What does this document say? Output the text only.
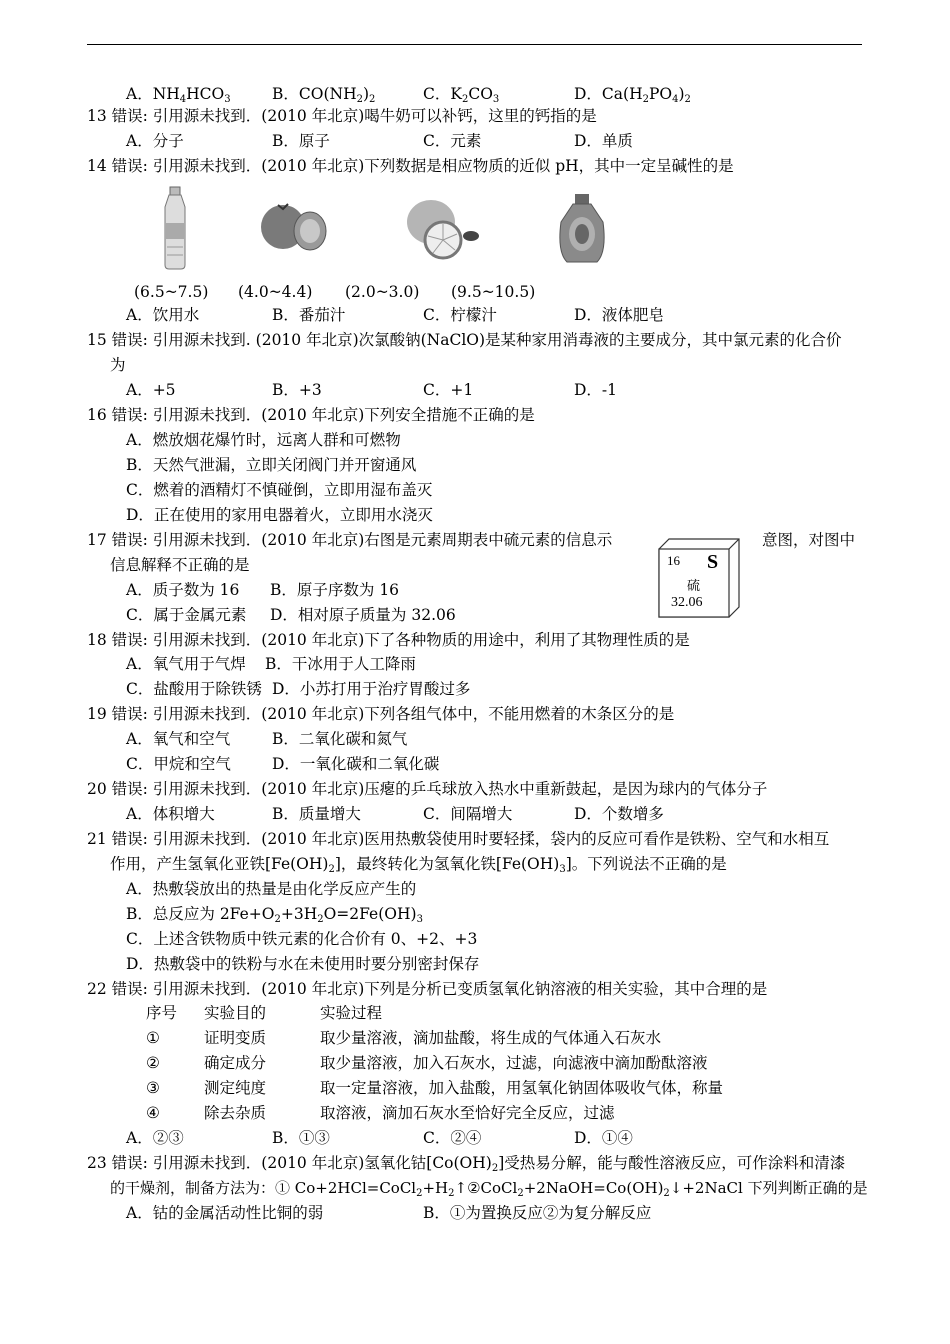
A．$NH_4HCO_3$	B．$CO(NH_2)_2$	C．$K_2CO_3$	D．$Ca(H_2PO_4)_2$
13 错误: 引用源未找到．(2010 年北京)喝牛奶可以补钙，这里的钙指的是
A．分子	B．原子	C．元素	D．单质
14 错误: 引用源未找到．(2010 年北京)下列数据是相应物质的近似 pH，其中一定呈碱性的是
(6.5~7.5) (4.0~4.4) (2.0~3.0) (9.5~10.5)
A．饮用水	B．番茄汁	C．柠檬汁	D．液体肥皂
15 错误: 引用源未找到. (2010 年北京)次氯酸钠(NaClO)是某种家用消毒液的主要成分，其中氯元素的化合价
为
A．+5	B．+3	C．+1	D．-1
16 错误: 引用源未找到．(2010 年北京)下列安全措施不正确的是
A．燃放烟花爆竹时，远离人群和可燃物
B．天然气泄漏，立即关闭阀门并开窗通风
C．燃着的酒精灯不慎碰倒，立即用湿布盖灭
D．正在使用的家用电器着火，立即用水浇灭
17 错误: 引用源未找到．(2010 年北京)右图是元素周期表中硫元素的信息示	意图，对图中
信息解释不正确的是
A．质子数为 16 B．原子序数为 16
C．属于金属元素 D．相对原子质量为 32.06
16 S
硫
32.06
18 错误: 引用源未找到．(2010 年北京)下了各种物质的用途中，利用了其物理性质的是
A．氧气用于气焊 B．干冰用于人工降雨
C．盐酸用于除铁锈 D．小苏打用于治疗胃酸过多
19 错误: 引用源未找到．(2010 年北京)下列各组气体中，不能用燃着的木条区分的是
A．氧气和空气	B．二氧化碳和氮气
C．甲烷和空气	D．一氧化碳和二氧化碳
20 错误: 引用源未找到．(2010 年北京)压瘪的乒乓球放入热水中重新鼓起，是因为球内的气体分子
A．体积增大	B．质量增大	C．间隔增大	D．个数增多
21 错误: 引用源未找到．(2010 年北京)医用热敷袋使用时要轻揉，袋内的反应可看作是铁粉、空气和水相互
作用，产生氢氧化亚铁$[Fe(OH)_2]$，最终转化为氢氧化铁$[Fe(OH)_3]$。下列说法不正确的是
A．热敷袋放出的热量是由化学反应产生的
B．总反应为 $2Fe+O_2+3H_2O=2Fe(OH)_3$
C．上述含铁物质中铁元素的化合价有 0、+2、+3
D．热敷袋中的铁粉与水在未使用时要分别密封保存
22 错误: 引用源未找到．(2010 年北京)下列是分析已变质氢氧化钠溶液的相关实验，其中合理的是
序号 实验目的	实验过程
①	证明变质	取少量溶液，滴加盐酸，将生成的气体通入石灰水
②	确定成分	取少量溶液，加入石灰水，过滤，向滤液中滴加酚酞溶液
③	测定纯度	取一定量溶液，加入盐酸，用氢氧化钠固体吸收气体，称量
④	除去杂质	取溶液，滴加石灰水至恰好完全反应，过滤
A．②③	B．①③	C．②④	D．①④
23 错误: 引用源未找到．(2010 年北京)氢氧化钴$[Co(OH)_2]$受热易分解，能与酸性溶液反应，可作涂料和清漆
的干燥剂，制备方法为：① $Co+2HCl=CoCl_2+H_2↑②CoCl_2+2NaOH=Co(OH)_2↓+2NaCl$ 下列判断正确的是
A．钴的金属活动性比铜的弱	B．①为置换反应②为复分解反应
